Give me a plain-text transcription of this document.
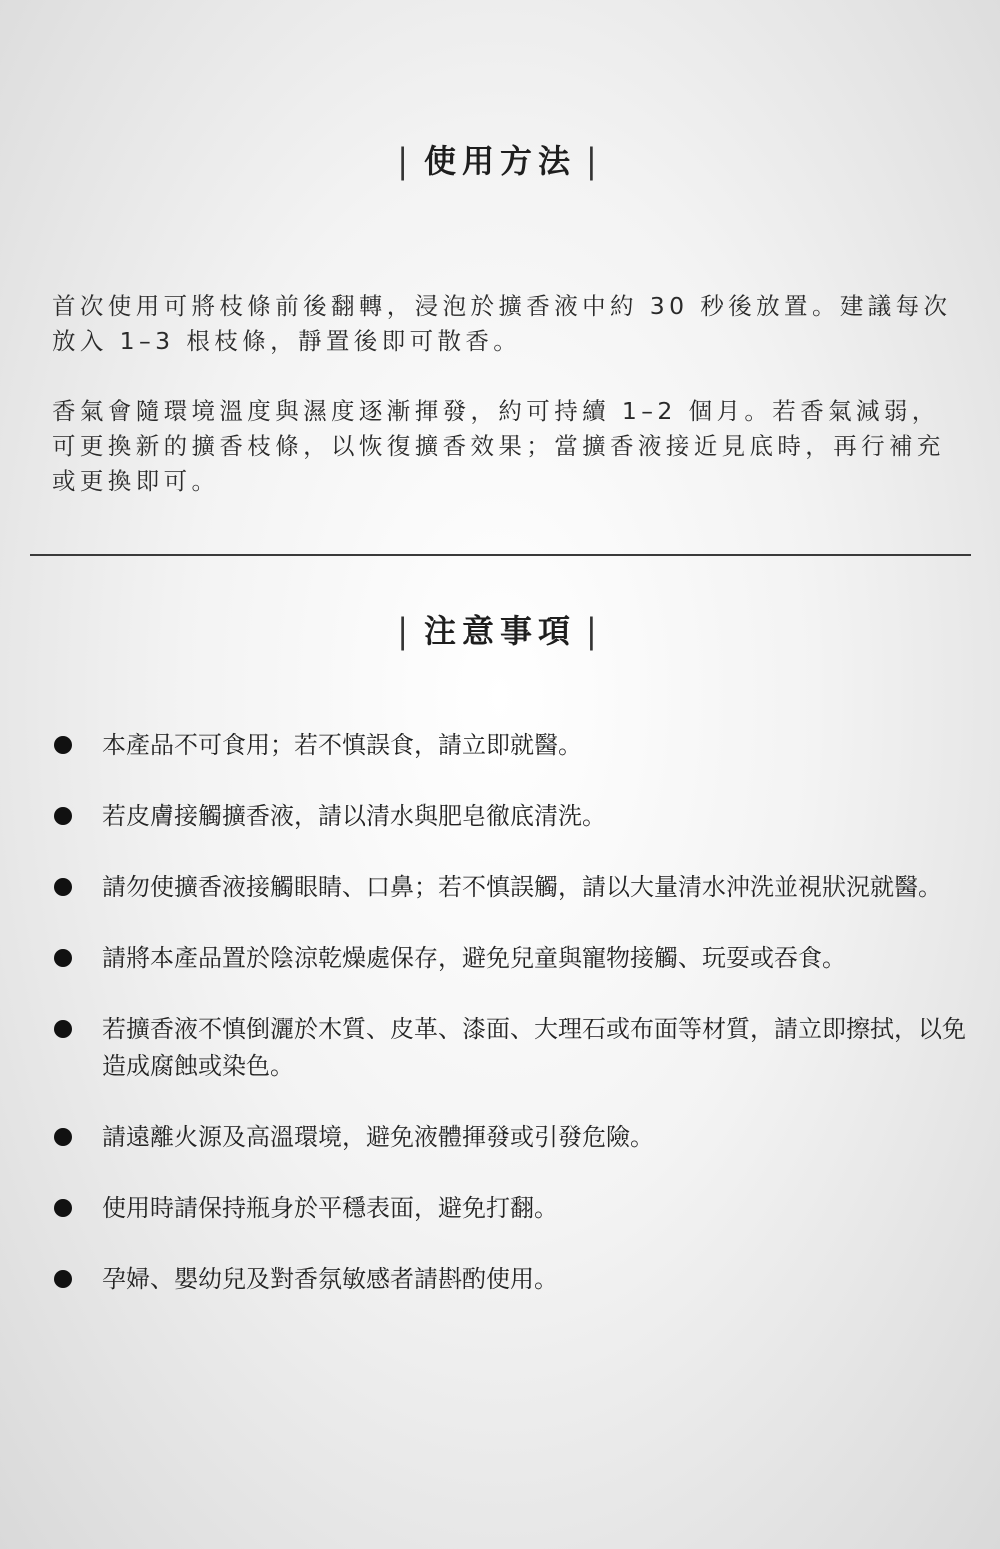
| 使用方法 |

首次使用可將枝條前後翻轉，浸泡於擴香液中約 30 秒後放置。建議每次放入 1–3 根枝條，靜置後即可散香。

香氣會隨環境溫度與濕度逐漸揮發，約可持續 1–2 個月。若香氣減弱，可更換新的擴香枝條，以恢復擴香效果；當擴香液接近見底時，再行補充或更換即可。

| 注意事項 |
本產品不可食用；若不慎誤食，請立即就醫。
若皮膚接觸擴香液，請以清水與肥皂徹底清洗。
請勿使擴香液接觸眼睛、口鼻；若不慎誤觸，請以大量清水沖洗並視狀況就醫。
請將本產品置於陰涼乾燥處保存，避免兒童與寵物接觸、玩耍或吞食。
若擴香液不慎倒灑於木質、皮革、漆面、大理石或布面等材質，請立即擦拭，以免造成腐蝕或染色。
請遠離火源及高溫環境，避免液體揮發或引發危險。
使用時請保持瓶身於平穩表面，避免打翻。
孕婦、嬰幼兒及對香氛敏感者請斟酌使用。
